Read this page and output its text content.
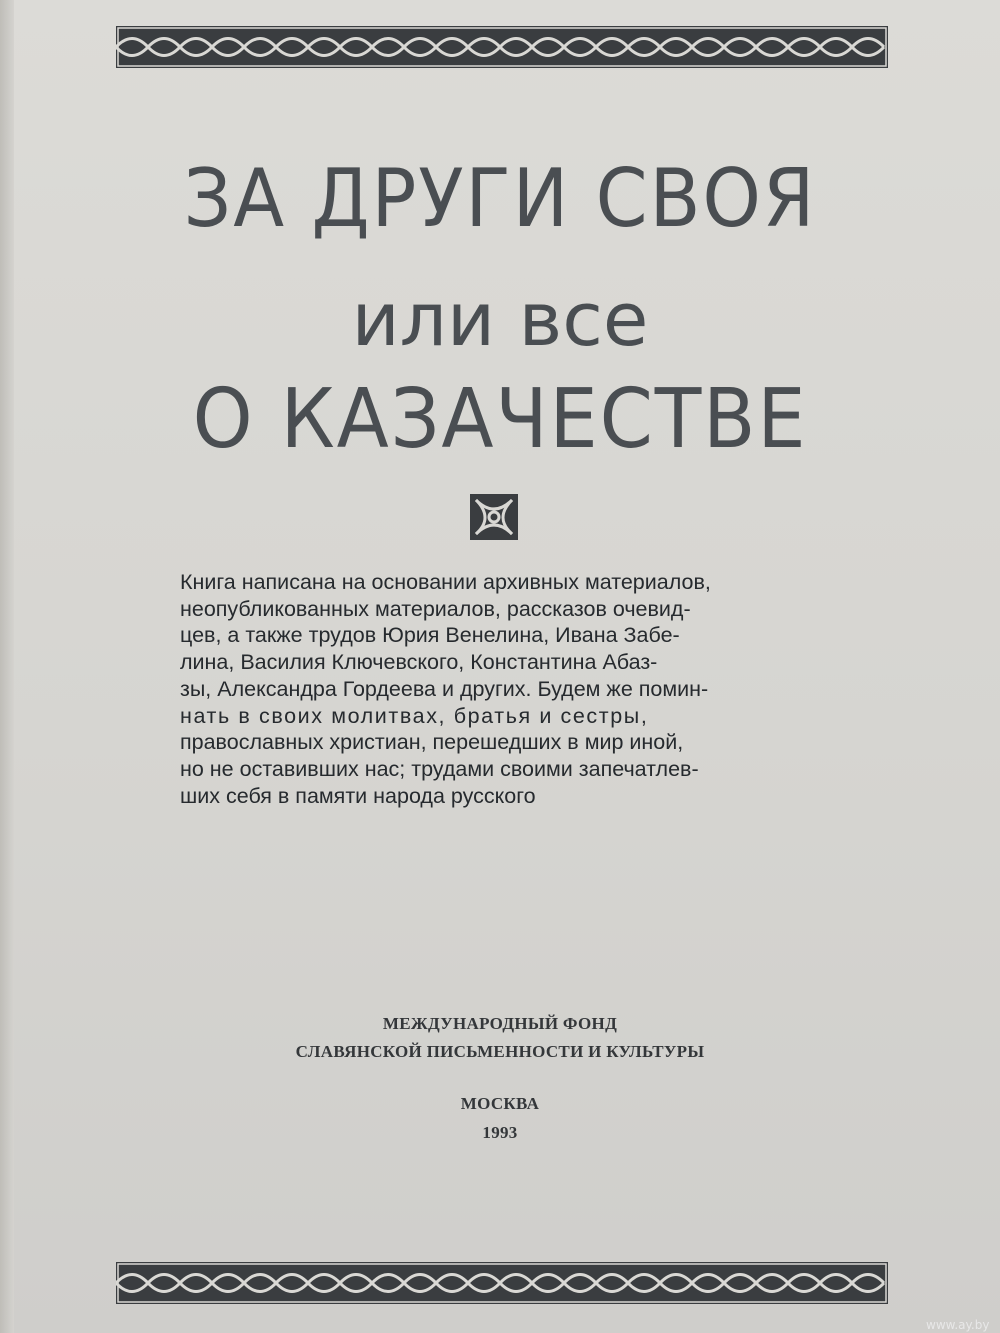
ЗА ДРУГИ СВОЯ
или все
О КАЗАЧЕСТВЕ
Книга написана на основании архивных материалов,
неопубликованных материалов, рассказов очевид-
цев, а также трудов Юрия Венелина, Ивана Забе-
лина, Василия Ключевского, Константина Абаз-
зы, Александра Гордеева и других. Будем же помин-
нать в своих молитвах, братья и сестры,
православных христиан, перешедших в мир иной,
но не оставивших нас; трудами своими запечатлев-
ших себя в памяти народа русского
МЕЖДУНАРОДНЫЙ ФОНД
СЛАВЯНСКОЙ ПИСЬМЕННОСТИ И КУЛЬТУРЫ
МОСКВА
1993
www.ay.by
